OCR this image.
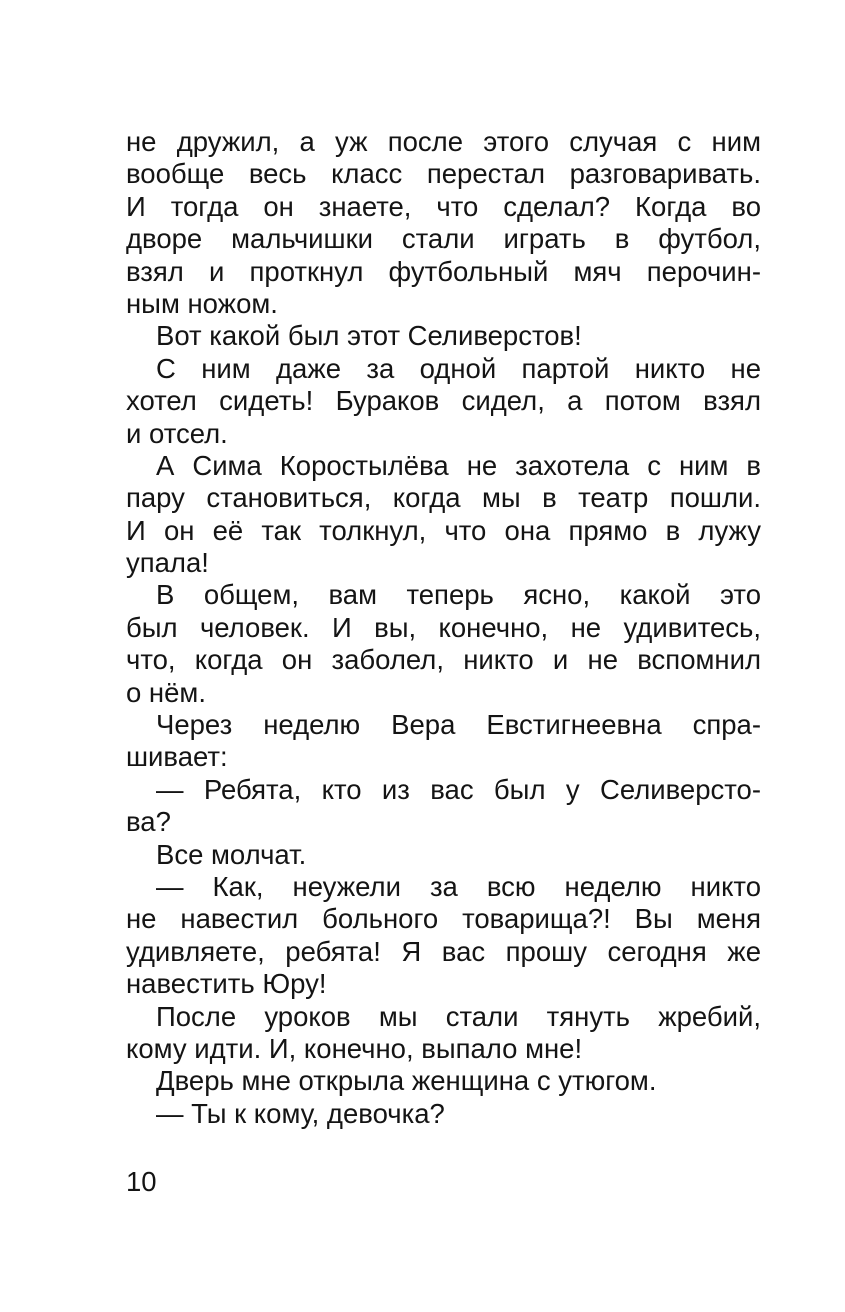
не дружил, а уж после этого случая с ним
вообще весь класс перестал разговаривать.
И тогда он знаете, что сделал? Когда во
дворе мальчишки стали играть в футбол,
взял и проткнул футбольный мяч перочин-
ным ножом.
Вот какой был этот Селиверстов!
С ним даже за одной партой никто не
хотел сидеть! Бураков сидел, а потом взял
и отсел.
А Сима Коростылёва не захотела с ним в
пару становиться, когда мы в театр пошли.
И он её так толкнул, что она прямо в лужу
упала!
В общем, вам теперь ясно, какой это
был человек. И вы, конечно, не удивитесь,
что, когда он заболел, никто и не вспомнил
о нём.
Через неделю Вера Евстигнеевна спра-
шивает:
— Ребята, кто из вас был у Селиверсто-
ва?
Все молчат.
— Как, неужели за всю неделю никто
не навестил больного товарища?! Вы меня
удивляете, ребята! Я вас прошу сегодня же
навестить Юру!
После уроков мы стали тянуть жребий,
кому идти. И, конечно, выпало мне!
Дверь мне открыла женщина с утюгом.
— Ты к кому, девочка?
10
